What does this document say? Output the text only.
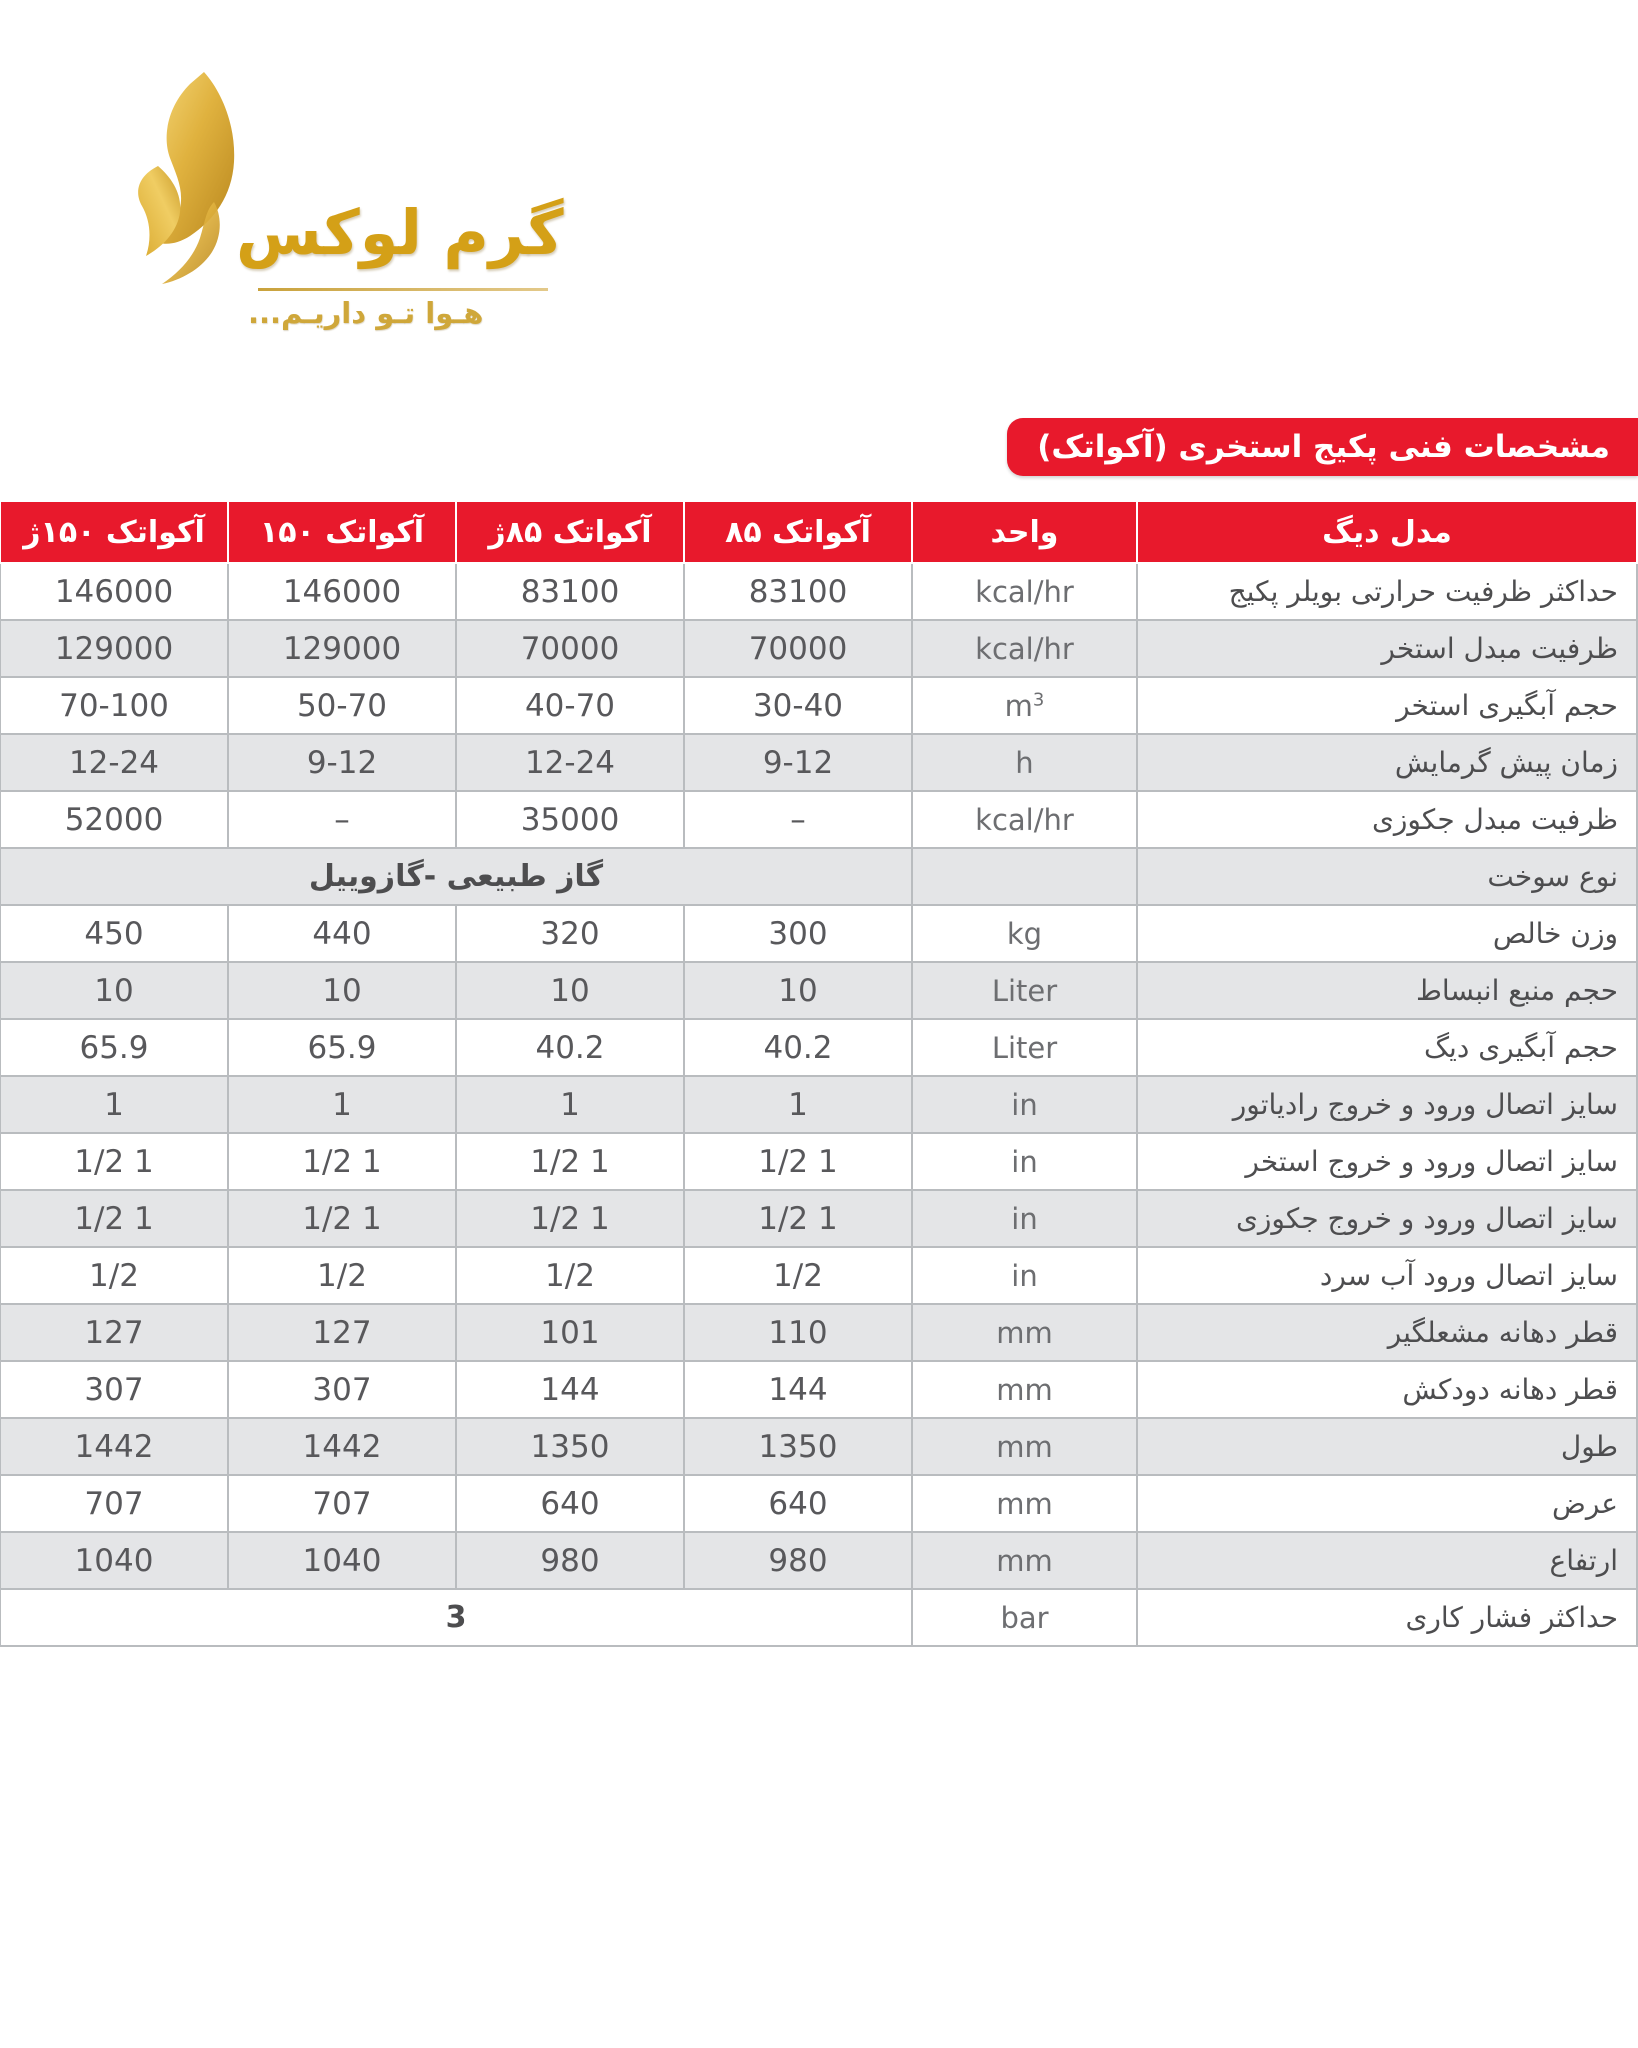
گرم لوکس
هـوا تـو داریـم...
مشخصات فنی پکیج استخری (آکواتک)
مدل دیگ	واحد	آکواتک ۸۵	آکواتک ۸۵ژ	آکواتک ۱۵۰	آکواتک ۱۵۰ژ
حداکثر ظرفیت حرارتی بویلر پکیج	kcal/hr	83100	83100	146000	146000
ظرفیت مبدل استخر	kcal/hr	70000	70000	129000	129000
حجم آبگیری استخر	$m^3$	30-40	40-70	50-70	70-100
زمان پیش گرمایش	h	9-12	12-24	9-12	12-24
ظرفیت مبدل جکوزی	kcal/hr	–	35000	–	52000
نوع سوخت		گاز طبیعی -گازوییل			
وزن خالص	kg	300	320	440	450
حجم منبع انبساط	Liter	10	10	10	10
حجم آبگیری دیگ	Liter	40.2	40.2	65.9	65.9
سایز اتصال ورود و خروج رادیاتور	in	1	1	1	1
سایز اتصال ورود و خروج استخر	in	1 1/2	1 1/2	1 1/2	1 1/2
سایز اتصال ورود و خروج جکوزی	in	1 1/2	1 1/2	1 1/2	1 1/2
سایز اتصال ورود آب سرد	in	1/2	1/2	1/2	1/2
قطر دهانه مشعلگیر	mm	110	101	127	127
قطر دهانه دودکش	mm	144	144	307	307
طول	mm	1350	1350	1442	1442
عرض	mm	640	640	707	707
ارتفاع	mm	980	980	1040	1040
حداکثر فشار کاری	bar	3			
